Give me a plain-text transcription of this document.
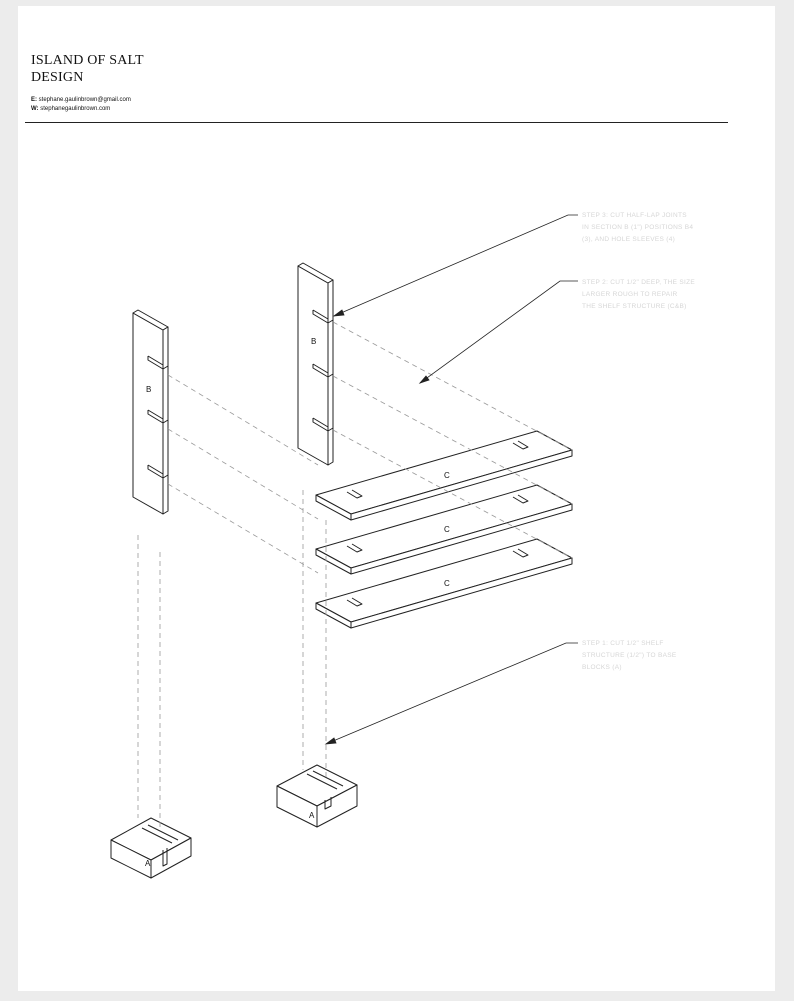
ISLAND OF SALT
DESIGN
E: stephane.gaulinbrown@gmail.com
W: stephanegaulinbrown.com
B
B
C
C
C
A
A
STEP 3: CUT HALF-LAP JOINTS
IN SECTION B (1") POSITIONS B4
(3), AND HOLE SLEEVES (4)
STEP 2: CUT 1/2" DEEP, THE SIZE
LARGER ROUGH TO REPAIR
THE SHELF STRUCTURE (C&B)
STEP 1: CUT 1/2" SHELF
STRUCTURE (1/2") TO BASE
BLOCKS (A)
